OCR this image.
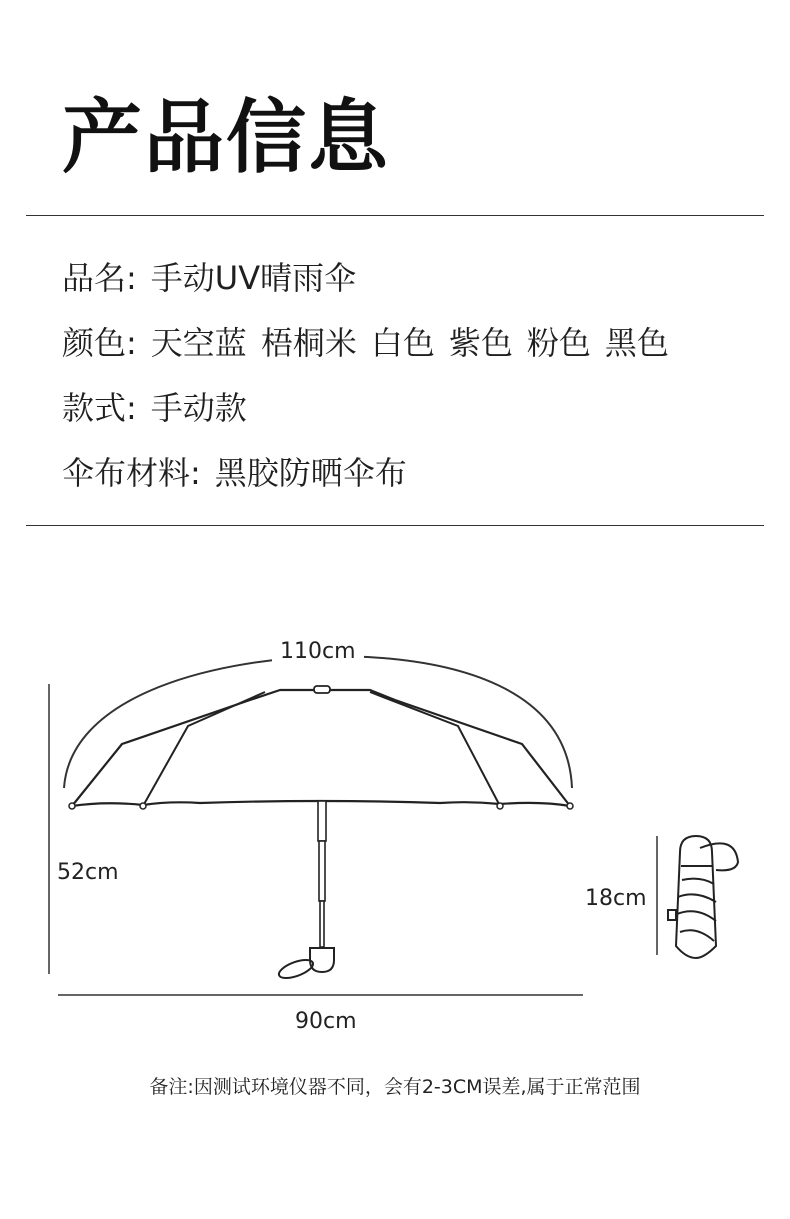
产品信息
品名: 手动UV晴雨伞
颜色: 天空蓝 梧桐米 白色 紫色 粉色 黑色
款式: 手动款
伞布材料: 黑胶防晒伞布
110cm
52cm
90cm
18cm
备注:因测试环境仪器不同，会有2-3CM误差,属于正常范围
